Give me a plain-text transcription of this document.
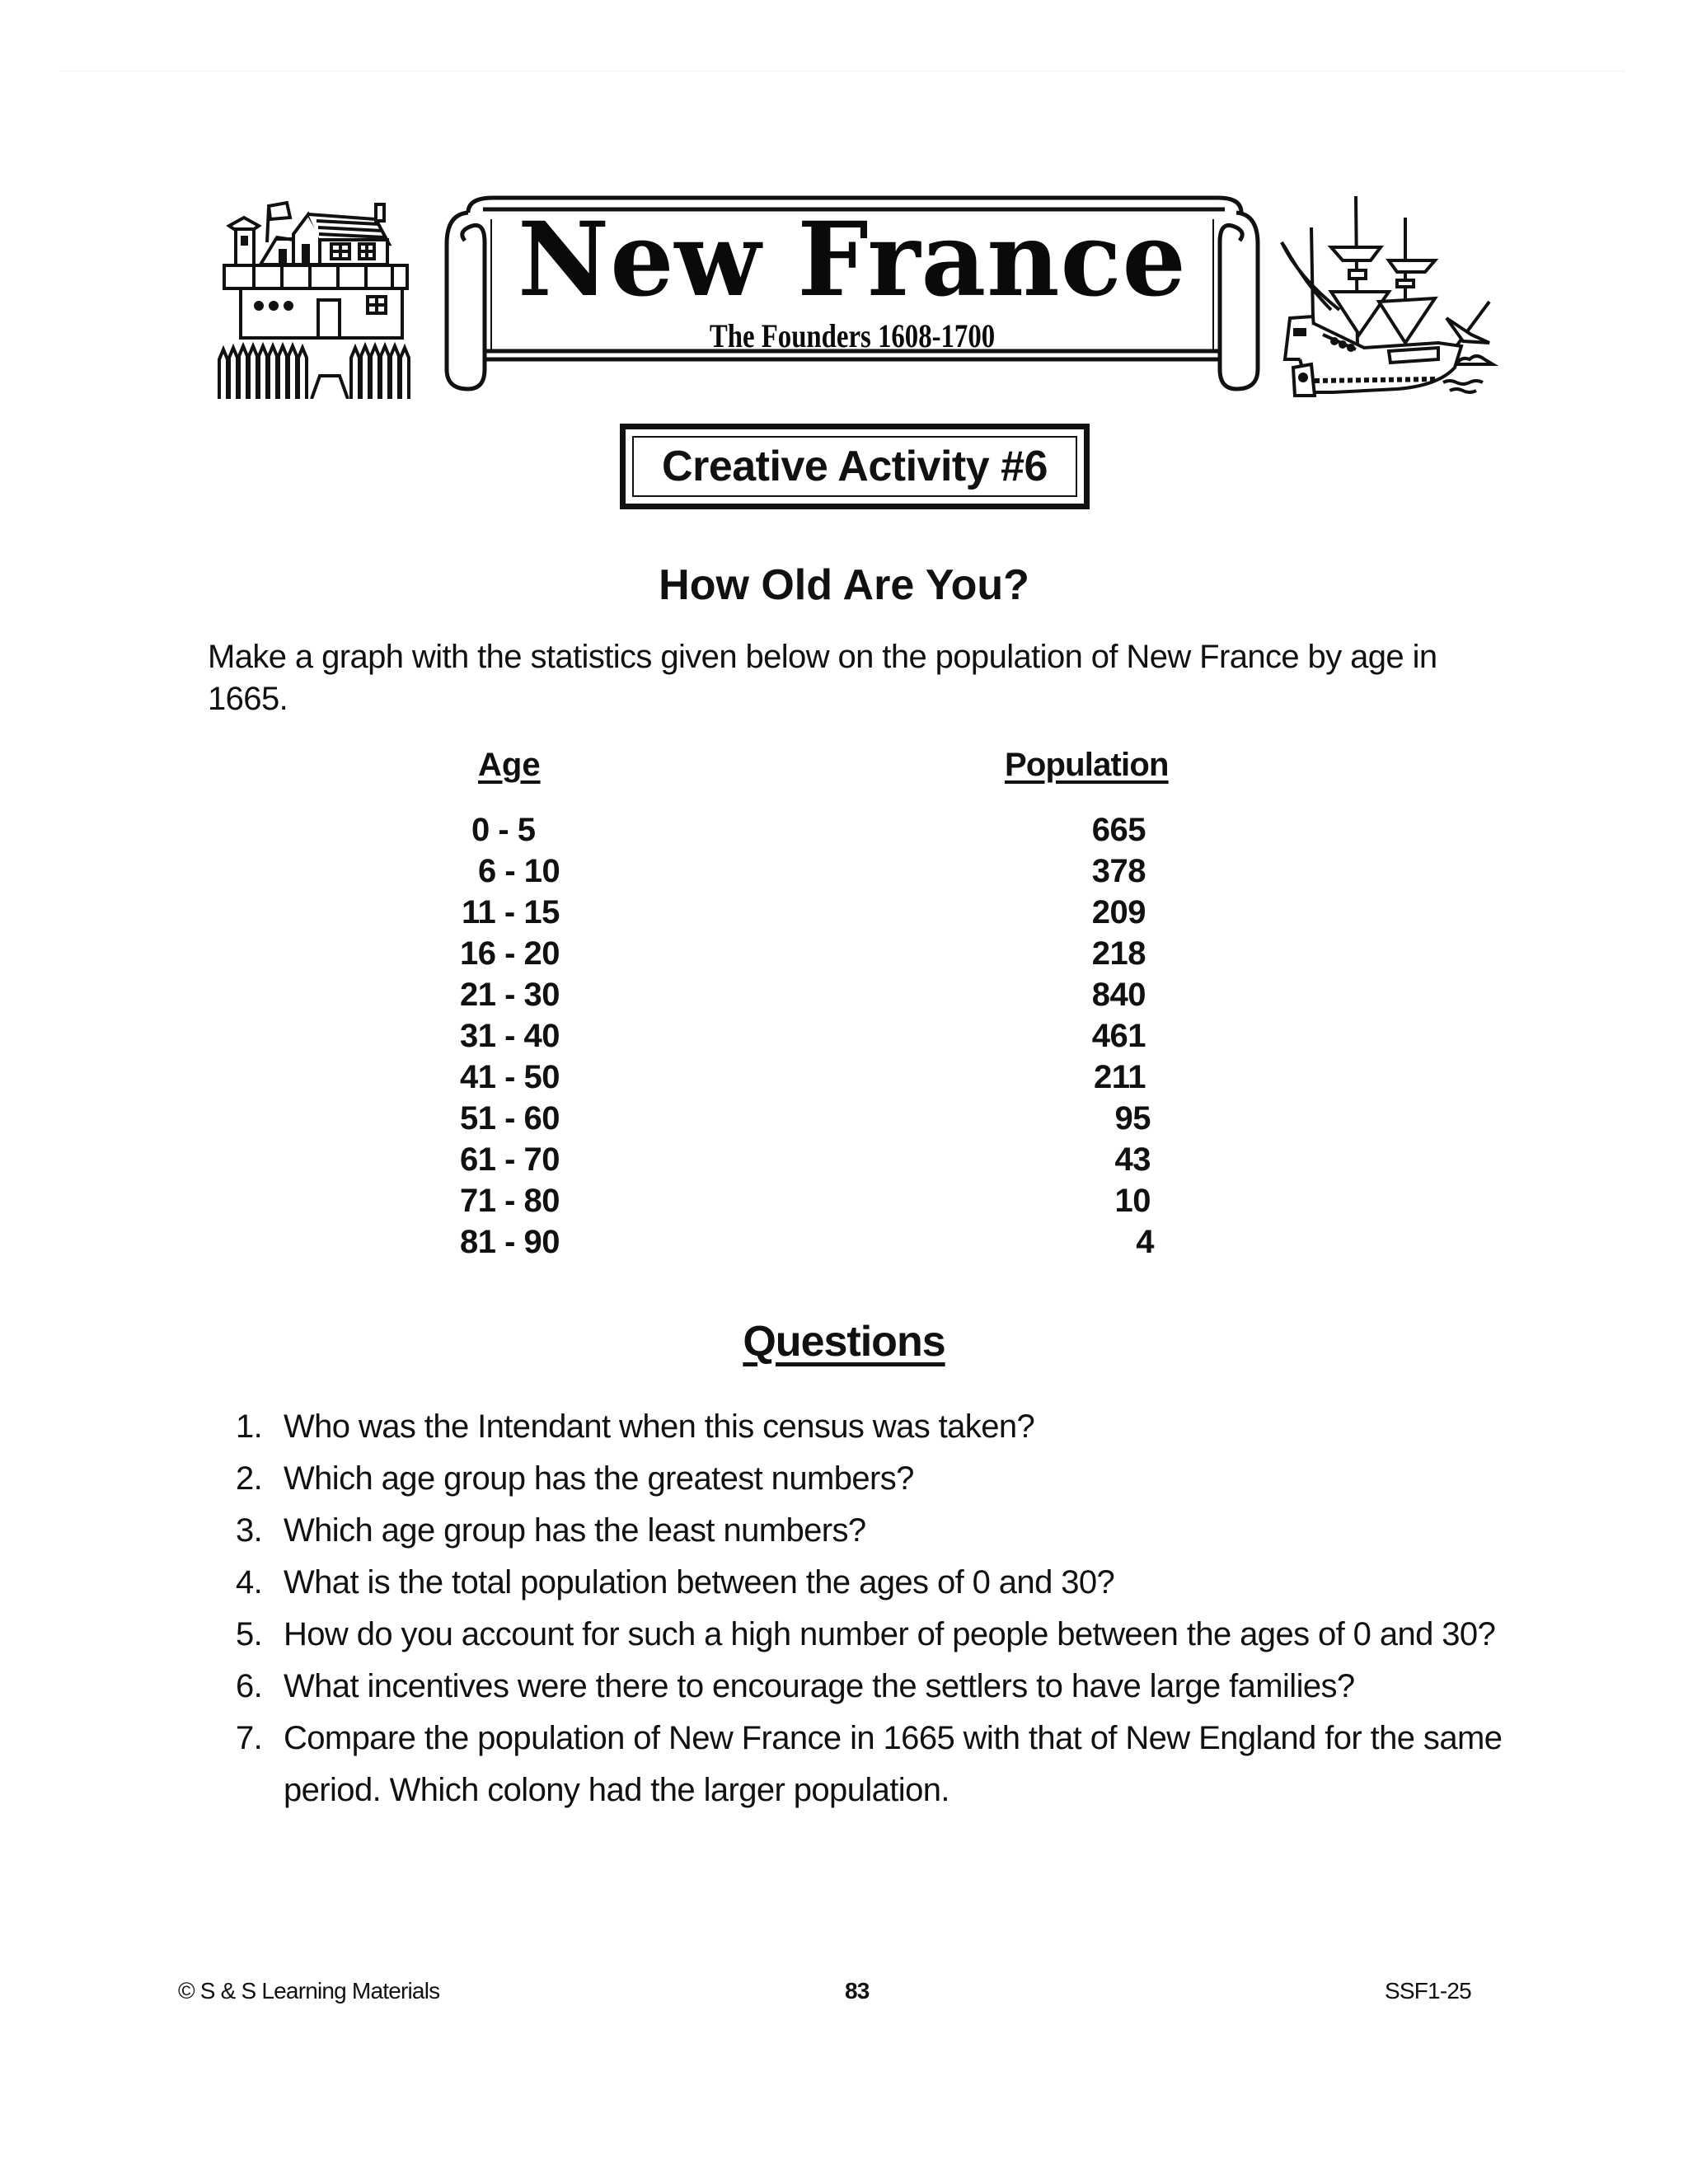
New France
The Founders 1608-1700
Creative Activity #6
How Old Are You?
Make a graph with the statistics given below on the population of New France by age in 1665.
Age	Population
0 - 5	665
6 - 10	378
11 - 15	209
16 - 20	218
21 - 30	840
31 - 40	461
41 - 50	211
51 - 60	95
61 - 70	43
71 - 80	10
81 - 90	4
Questions
1. Who was the Intendant when this census was taken?
2. Which age group has the greatest numbers?
3. Which age group has the least numbers?
4. What is the total population between the ages of 0 and 30?
5. How do you account for such a high number of people between the ages of 0 and 30?
6. What incentives were there to encourage the settlers to have large families?
7. Compare the population of New France in 1665 with that of New England for the same period. Which colony had the larger population.
© S & S Learning Materials	83	SSF1-25
